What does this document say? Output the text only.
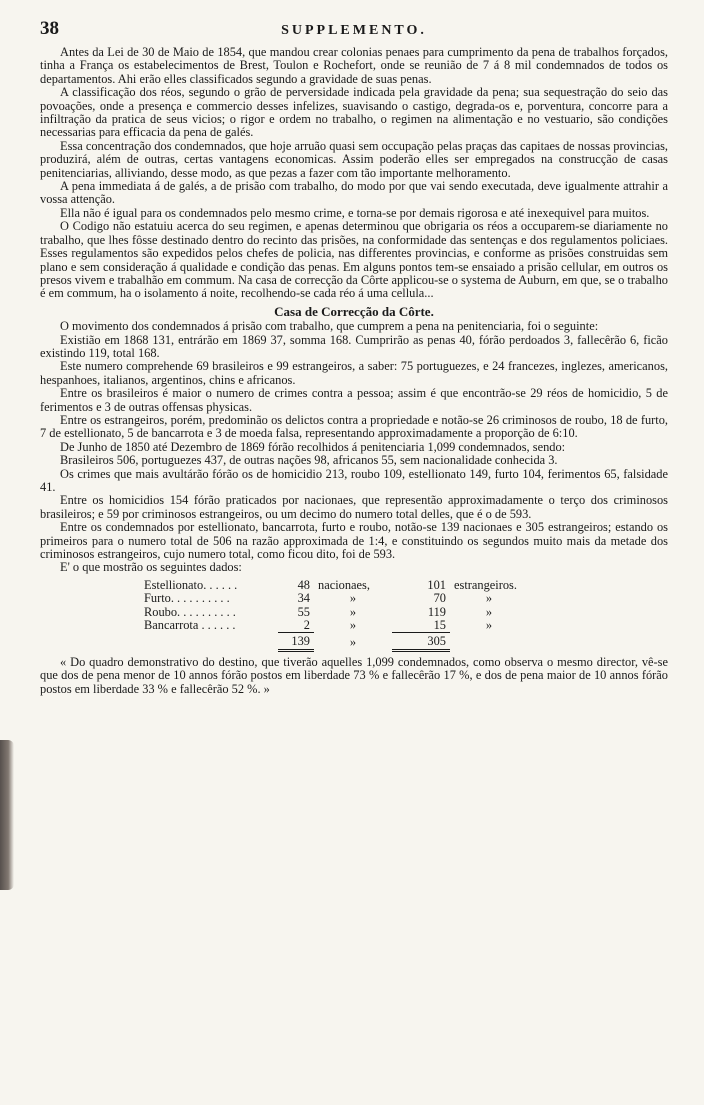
38	SUPPLEMENTO.

Antes da Lei de 30 de Maio de 1854, que mandou crear colonias penaes para cumprimento da pena de trabalhos forçados, tinha a França os estabelecimentos de Brest, Toulon e Rochefort, onde se reunião de 7 á 8 mil condemnados de todos os departamentos. Ahi erão elles classificados segundo a gravidade de suas penas.

A classificação dos réos, segundo o grão de perversidade indicada pela gravidade da pena; sua sequestração do seio das povoações, onde a presença e commercio desses infelizes, suavisando o castigo, degrada-os e, porventura, concorre para a infiltração da pratica de seus vicios; o rigor e ordem no trabalho, o regimen na alimentação e no vestuario, são condições necessarias para efficacia da pena de galés.

Essa concentração dos condemnados, que hoje arruão quasi sem occupação pelas praças das capitaes de nossas provincias, produzirá, além de outras, certas vantagens economicas. Assim poderão elles ser empregados na construcção de casas penitenciarias, alliviando, desse modo, as que pezas a fazer com tão importante melhoramento.

A pena immediata á de galés, a de prisão com trabalho, do modo por que vai sendo executada, deve igualmente attrahir a vossa attenção.

Ella não é igual para os condemnados pelo mesmo crime, e torna-se por demais rigorosa e até inexequivel para muitos.

O Codigo não estatuiu acerca do seu regimen, e apenas determinou que obrigaria os réos a occuparem-se diariamente no trabalho, que lhes fôsse destinado dentro do recinto das prisões, na conformidade das sentenças e dos regulamentos policiaes. Esses regulamentos são expedidos pelos chefes de policia, nas differentes provincias, e conforme as prisões construidas sem plano e sem consideração á qualidade e condição das penas. Em alguns pontos tem-se ensaiado a prisão cellular, em outros os presos vivem e trabalhão em commum. Na casa de correcção da Côrte applicou-se o systema de Auburn, em que, se o trabalho é em commum, ha o isolamento á noite, recolhendo-se cada réo á uma cellula...

Casa de Correcção da Côrte.

O movimento dos condemnados á prisão com trabalho, que cumprem a pena na penitenciaria, foi o seguinte:

Existião em 1868 131, entrárão em 1869 37, somma 168. Cumprirão as penas 40, fórão perdoados 3, fallecêrão 6, ficão existindo 119, total 168.

Este numero comprehende 69 brasileiros e 99 estrangeiros, a saber: 75 portuguezes, e 24 francezes, inglezes, americanos, hespanhoes, italianos, argentinos, chins e africanos.

Entre os brasileiros é maior o numero de crimes contra a pessoa; assim é que encontrão-se 29 réos de homicidio, 5 de ferimentos e 3 de outras offensas physicas.

Entre os estrangeiros, porém, predominão os delictos contra a propriedade e notão-se 26 criminosos de roubo, 18 de furto, 7 de estellionato, 5 de bancarrota e 3 de moeda falsa, representando approximadamente a proporção de 6:10.

De Junho de 1850 até Dezembro de 1869 fórão recolhidos á penitenciaria 1,099 condemnados, sendo:

Brasileiros 506, portuguezes 437, de outras nações 98, africanos 55, sem nacionalidade conhecida 3.

Os crimes que mais avultárão fórão os de homicidio 213, roubo 109, estellionato 149, furto 104, ferimentos 65, falsidade 41.

Entre os homicidios 154 fórão praticados por nacionaes, que representão approximadamente o terço dos criminosos brasileiros; e 59 por criminosos estrangeiros, ou um decimo do numero total delles, que é o de 593.

Entre os condemnados por estellionato, bancarrota, furto e roubo, notão-se 139 nacionaes e 305 estrangeiros; estando os primeiros para o numero total de 506 na razão approximada de 1:4, e constituindo os segundos muito mais da metade dos criminosos estrangeiros, cujo numero total, como ficou dito, foi de 593.

E' o que mostrão os seguintes dados:

Estellionato. . . . . .	48	nacionaes,	101	estrangeiros.
Furto. . . . . . . . . .	34	»	70	»
Roubo. . . . . . . . . .	55	»	119	»
Bancarrota . . . . . .	2	»	15	»
	139	»	305	

« Do quadro demonstrativo do destino, que tiverão aquelles 1,099 condemnados, como observa o mesmo director, vê-se que dos de pena menor de 10 annos fórão postos em liberdade 73 % e fallecêrão 17 %, e dos de pena maior de 10 annos fórão postos em liberdade 33 % e fallecêrão 52 %. »
